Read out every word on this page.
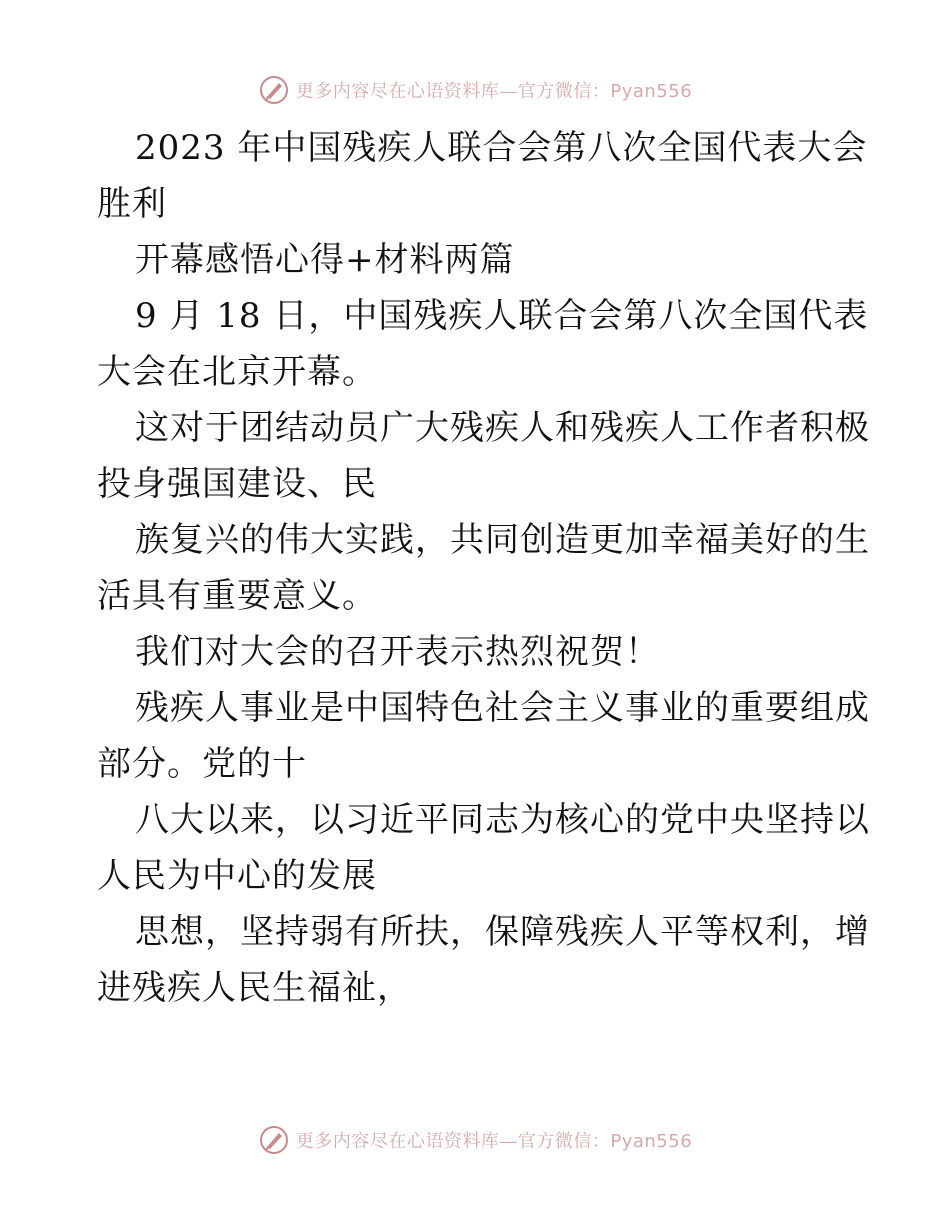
更多内容尽在心语资料库—官方微信：Pyan556

2023 年中国残疾人联合会第八次全国代表大会

胜利

开幕感悟心得+材料两篇

9 月 18 日，中国残疾人联合会第八次全国代表

大会在北京开幕。

这对于团结动员广大残疾人和残疾人工作者积极

投身强国建设、民

族复兴的伟大实践，共同创造更加幸福美好的生

活具有重要意义。

我们对大会的召开表示热烈祝贺！

残疾人事业是中国特色社会主义事业的重要组成

部分。党的十

八大以来，以习近平同志为核心的党中央坚持以

人民为中心的发展

思想，坚持弱有所扶，保障残疾人平等权利，增

进残疾人民生福祉，

更多内容尽在心语资料库—官方微信：Pyan556
